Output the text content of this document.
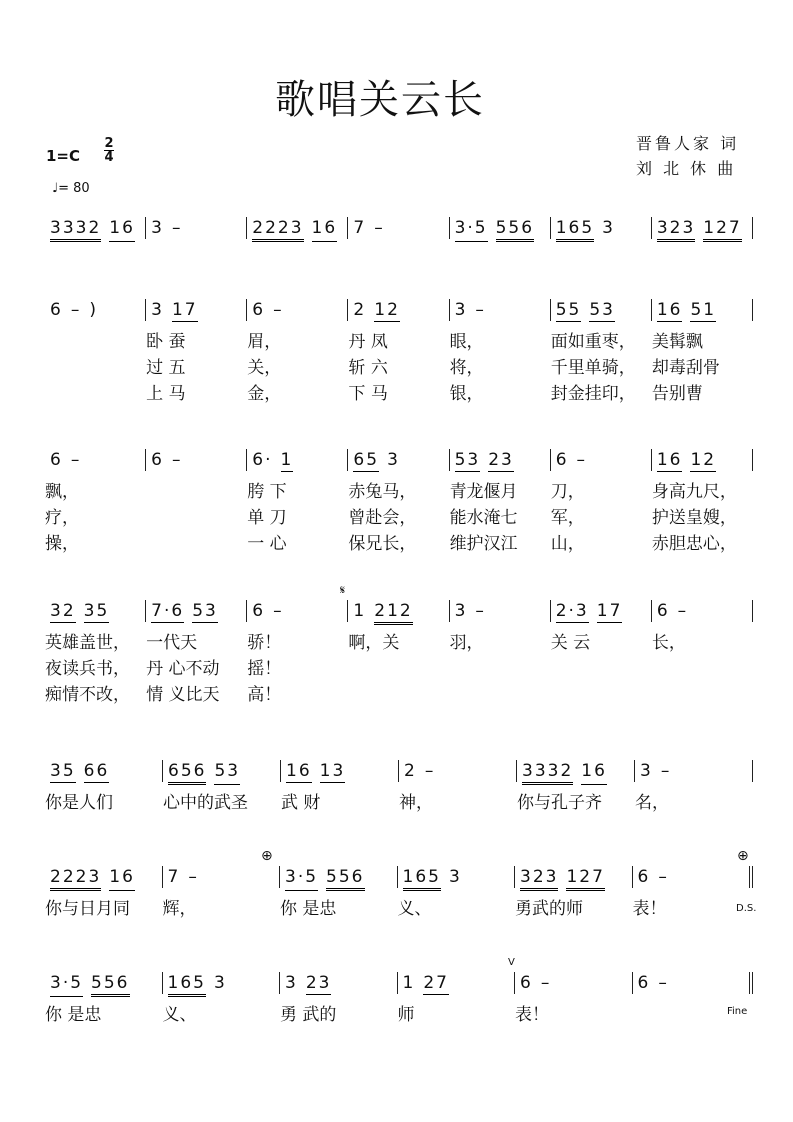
歌唱关云长
1=C
2
4
♩= 80
晋鲁人家 词
刘 北 休 曲
3332 16 3 –	2223 16 7 –	3·5 556 165 3 323 127
6 – )	3 17
卧 蚕
过 五
上 马
6 –
眉，
关，
金，
2 12
丹 凤
斩 六
下 马
3 –
眼，
将，
银，
55 53
面如重枣，
千里单骑，
封金挂印，
16 51
美髯飘
却毒刮骨
告别曹
6 –
飘，
疗，
操，
6 –	6· 1
胯 下
单 刀
一 心
65 3
赤兔马，
曾赴会，
保兄长，
53 23
青龙偃月
能水淹七
维护汉江
6 –
刀，
军，
山，
16 12
身高九尺，
护送皇嫂，
赤胆忠心，
32 35
英雄盖世，
夜读兵书，
痴情不改，
7·6 53
一代天
丹 心不动
情 义比天
6 –
骄！
摇！
高！
1 212
啊，关
3 –
羽，
2·3 17
关 云
6 –
长，
35 66
你是人们
656 53
心中的武圣
16 13
武 财
2 –
神，
3332 16
你与孔子齐
3 –
名，
2223 16
你与日月同
7 –
辉，
3·5 556
你 是忠
165 3
义、
323 127
勇武的师
6 –
表！
3·5 556
你 是忠
165 3
义、
3 23
勇 武的
1 27
师
6 –
表！
6 –
𝄋
⊕	⊕
D.S.
Fine
V
